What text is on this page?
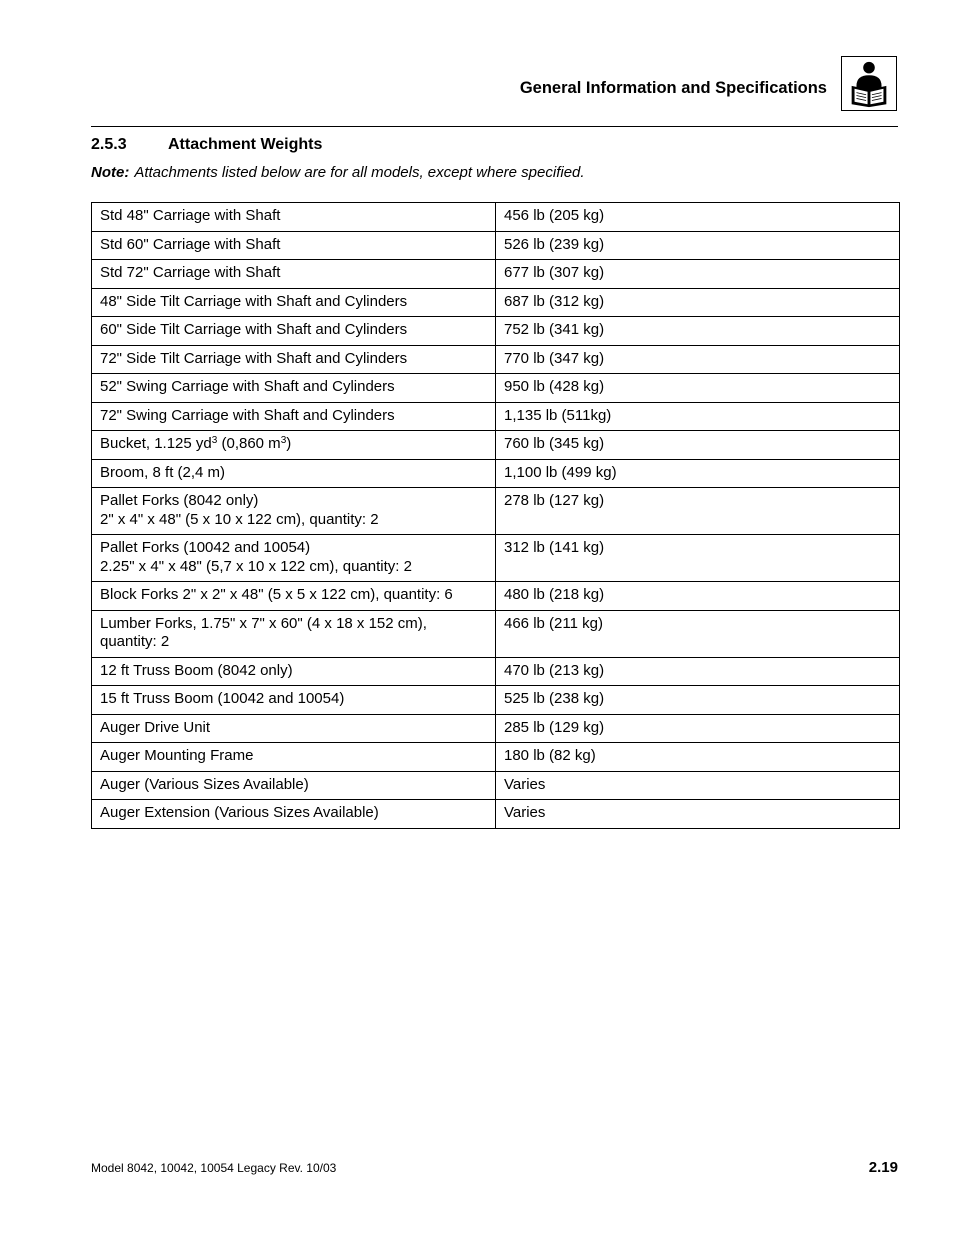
General Information and Specifications
2.5.3	Attachment Weights
Note: Attachments listed below are for all models, except where specified.
Std 48" Carriage with Shaft	456 lb (205 kg)
Std 60" Carriage with Shaft	526 lb (239 kg)
Std 72" Carriage with Shaft	677 lb (307 kg)
48" Side Tilt Carriage with Shaft and Cylinders	687 lb (312 kg)
60" Side Tilt Carriage with Shaft and Cylinders	752 lb (341 kg)
72" Side Tilt Carriage with Shaft and Cylinders	770 lb (347 kg)
52" Swing Carriage with Shaft and Cylinders	950 lb (428 kg)
72" Swing Carriage with Shaft and Cylinders	1,135 lb (511kg)
Bucket, 1.125 $yd^3$ (0,860 $m^3$)	760 lb (345 kg)
Broom, 8 ft (2,4 m)	1,100 lb (499 kg)

Pallet Forks (8042 only)
2" x 4" x 48" (5 x 10 x 122 cm), quantity: 2	278 lb (127 kg)

Pallet Forks (10042 and 10054)
2.25" x 4" x 48" (5,7 x 10 x 122 cm), quantity: 2	312 lb (141 kg)
Block Forks 2" x 2" x 48" (5 x 5 x 122 cm), quantity: 6	480 lb (218 kg)

Lumber Forks, 1.75" x 7" x 60" (4 x 18 x 152 cm),
quantity: 2	466 lb (211 kg)
12 ft Truss Boom (8042 only)	470 lb (213 kg)
15 ft Truss Boom (10042 and 10054)	525 lb (238 kg)
Auger Drive Unit	285 lb (129 kg)
Auger Mounting Frame	180 lb (82 kg)
Auger (Various Sizes Available)	Varies
Auger Extension (Various Sizes Available)	Varies
Model 8042, 10042, 10054 Legacy Rev. 10/03	2.19
